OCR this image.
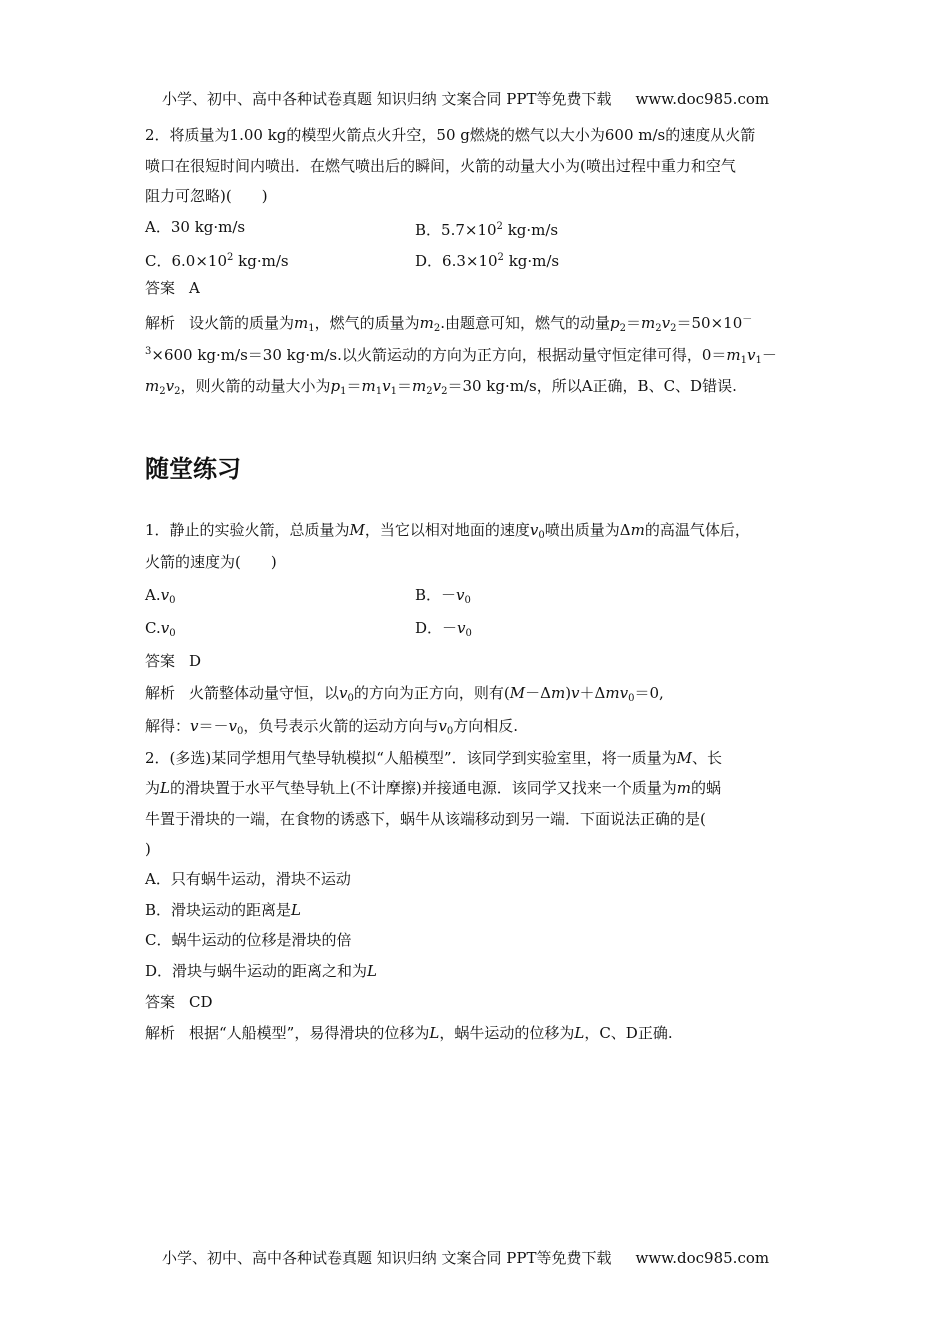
小学、初中、高中各种试卷真题 知识归纳 文案合同 PPT等免费下载 www.doc985.com
2．将质量为1.00 kg的模型火箭点火升空，50 g燃烧的燃气以大小为600 m/s的速度从火箭
喷口在很短时间内喷出．在燃气喷出后的瞬间，火箭的动量大小为(喷出过程中重力和空气
阻力可忽略)(　　)
A．30 kg·m/s	B．$5.7\times 10^2$ kg·m/s
C．$6.0\times 10^2$ kg·m/s	D．$6.3\times 10^2$ kg·m/s
答案 A
解析 设火箭的质量为$m_1$，燃气的质量为$m_2$.由题意可知，燃气的动量$p_2=m_2v_2=50\times 10^-$
$^3$×600 kg·m/s＝30 kg·m/s.以火箭运动的方向为正方向，根据动量守恒定律可得，$0=m_1v_1-$
$m_2v_2$，则火箭的动量大小为$p_1=m_1v_1=m_2v_2=30$ kg·m/s，所以A正确，B、C、D错误.
随堂练习
1．静止的实验火箭，总质量为M，当它以相对地面的速度$v_0$喷出质量为Δm的高温气体后，
火箭的速度为(　　)
$A.v_0$	B．$-v_0$
$C.v_0$	D．$-v_0$
答案 D
解析 火箭整体动量守恒，以$v_0$的方向为正方向，则有(M－Δm)v＋Δmv$_0$＝0,
解得：$v=-v_0$，负号表示火箭的运动方向与$v_0$方向相反.
2．(多选)某同学想用气垫导轨模拟“人船模型”．该同学到实验室里，将一质量为M、长
为L的滑块置于水平气垫导轨上(不计摩擦)并接通电源．该同学又找来一个质量为m的蜗
牛置于滑块的一端，在食物的诱惑下，蜗牛从该端移动到另一端．下面说法正确的是(
)
A．只有蜗牛运动，滑块不运动
B．滑块运动的距离是L
C．蜗牛运动的位移是滑块的倍
D．滑块与蜗牛运动的距离之和为L
答案 CD
解析 根据“人船模型”，易得滑块的位移为L，蜗牛运动的位移为L，C、D正确.
小学、初中、高中各种试卷真题 知识归纳 文案合同 PPT等免费下载 www.doc985.com
